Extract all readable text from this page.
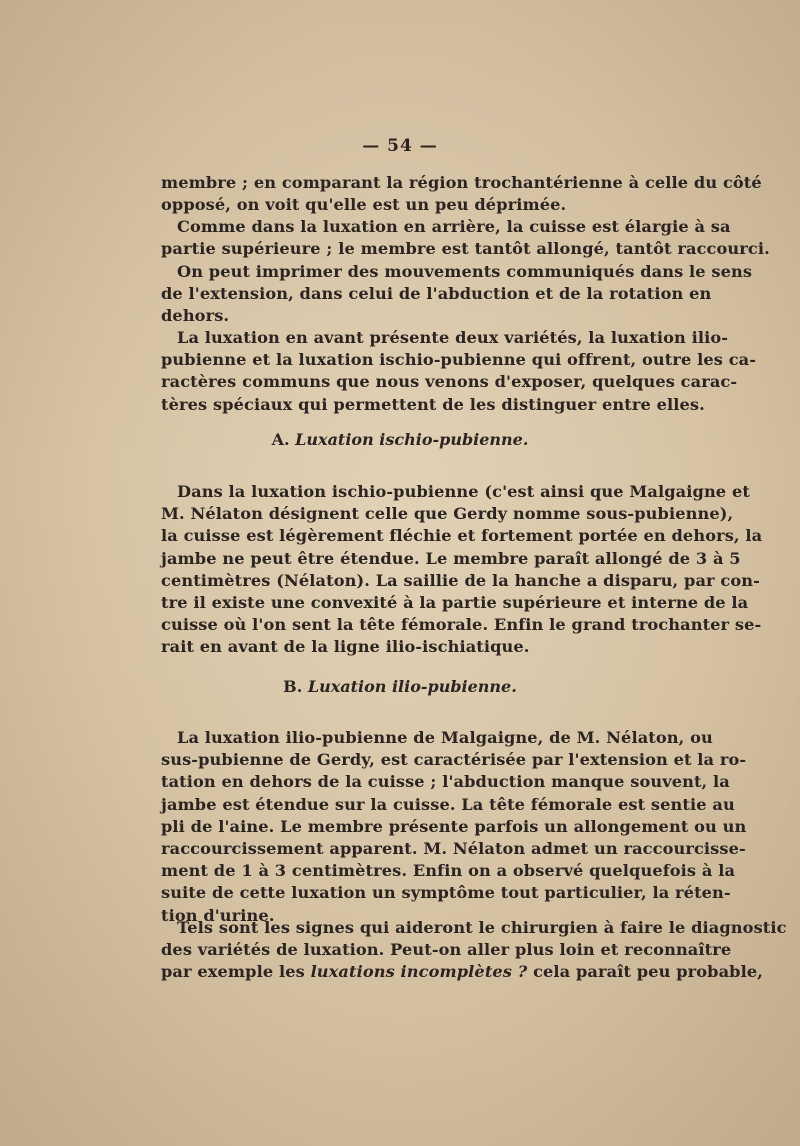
— 54 —
membre ; en comparant la région trochantérienne à celle du côté
opposé, on voit qu'elle est un peu déprimée.
Comme dans la luxation en arrière, la cuisse est élargie à sa
partie supérieure ; le membre est tantôt allongé, tantôt raccourci.
On peut imprimer des mouvements communiqués dans le sens
de l'extension, dans celui de l'abduction et de la rotation en
dehors.
La luxation en avant présente deux variétés, la luxation ilio-
pubienne et la luxation ischio-pubienne qui offrent, outre les ca-
ractères communs que nous venons d'exposer, quelques carac-
tères spéciaux qui permettent de les distinguer entre elles.
A. Luxation ischio-pubienne.
Dans la luxation ischio-pubienne (c'est ainsi que Malgaigne et
M. Nélaton désignent celle que Gerdy nomme sous-pubienne),
la cuisse est légèrement fléchie et fortement portée en dehors, la
jambe ne peut être étendue. Le membre paraît allongé de 3 à 5
centimètres (Nélaton). La saillie de la hanche a disparu, par con-
tre il existe une convexité à la partie supérieure et interne de la
cuisse où l'on sent la tête fémorale. Enfin le grand trochanter se-
rait en avant de la ligne ilio-ischiatique.
B. Luxation ilio-pubienne.
La luxation ilio-pubienne de Malgaigne, de M. Nélaton, ou
sus-pubienne de Gerdy, est caractérisée par l'extension et la ro-
tation en dehors de la cuisse ; l'abduction manque souvent, la
jambe est étendue sur la cuisse. La tête fémorale est sentie au
pli de l'aine. Le membre présente parfois un allongement ou un
raccourcissement apparent. M. Nélaton admet un raccourcisse-
ment de 1 à 3 centimètres. Enfin on a observé quelquefois à la
suite de cette luxation un symptôme tout particulier, la réten-
tion d'urine.
Tels sont les signes qui aideront le chirurgien à faire le diagnostic
des variétés de luxation. Peut-on aller plus loin et reconnaître
par exemple les luxations incomplètes ? cela paraît peu probable,
